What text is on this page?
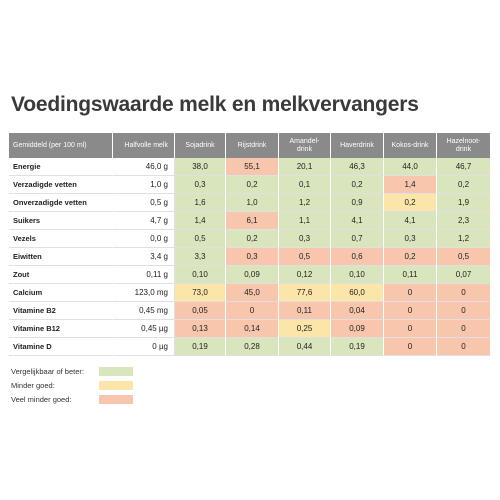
Voedingswaarde melk en melkvervangers
Gemiddeld (per 100 ml)	Halfvolle melk	Sojadrink	Rijstdrink	Amandel-drink	Haverdrink	Kokos-drink	Hazelnoot-drink
Energie	46,0 g	38,0	55,1	20,1	46,3	44,0	46,7
Verzadigde vetten	1,0 g	0,3	0,2	0,1	0,2	1,4	0,2
Onverzadigde vetten	0,5 g	1,6	1,0	1,2	0,9	0,2	1,9
Suikers	4,7 g	1,4	6,1	1,1	4,1	4,1	2,3
Vezels	0,0 g	0,5	0,2	0,3	0,7	0,3	1,2
Eiwitten	3,4 g	3,3	0,3	0,5	0,6	0,2	0,5
Zout	0,11 g	0,10	0,09	0,12	0,10	0,11	0,07
Calcium	123,0 mg	73,0	45,0	77,6	60,0	0	0
Vitamine B2	0,45 mg	0,05	0	0,11	0,04	0	0
Vitamine B12	0,45 µg	0,13	0,14	0,25	0,09	0	0
Vitamine D	0 µg	0,19	0,28	0,44	0,19	0	0
Vergelijkbaar of beter:
Minder goed:
Veel minder goed:
